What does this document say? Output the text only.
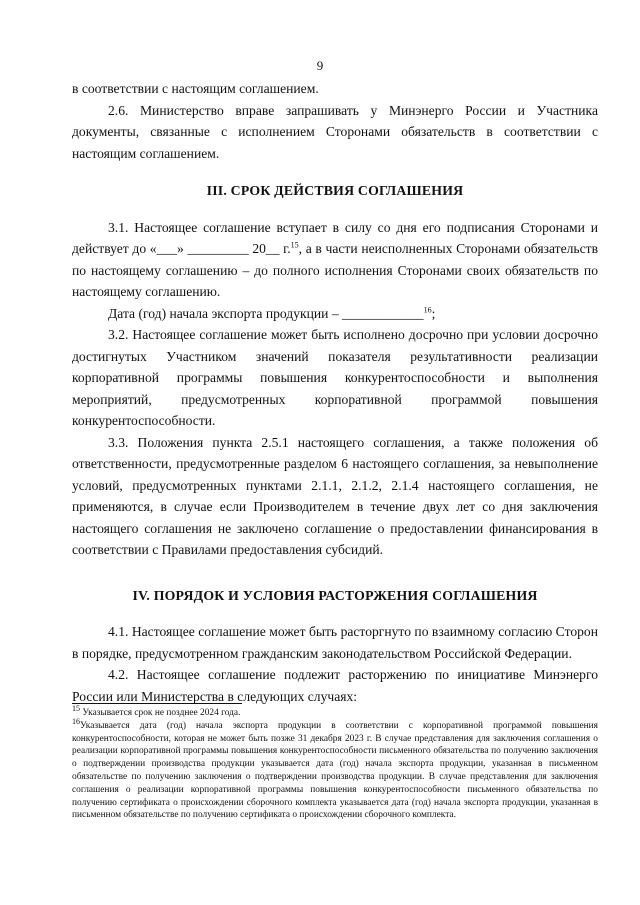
9

в соответствии с настоящим соглашением.

2.6. Министерство вправе запрашивать у Минэнерго России и Участника документы, связанные с исполнением Сторонами обязательств в соответствии с настоящим соглашением.

III. СРОК ДЕЙСТВИЯ СОГЛАШЕНИЯ

3.1. Настоящее соглашение вступает в силу со дня его подписания Сторонами и действует до «___» _________ 20__ г.$^{15}$, а в части неисполненных Сторонами обязательств по настоящему соглашению – до полного исполнения Сторонами своих обязательств по настоящему соглашению.

Дата (год) начала экспорта продукции – ____________$^{16}$;

3.2. Настоящее соглашение может быть исполнено досрочно при условии досрочно достигнутых Участником значений показателя результативности реализации корпоративной программы повышения конкурентоспособности и выполнения мероприятий, предусмотренных корпоративной программой повышения конкурентоспособности.

3.3. Положения пункта 2.5.1 настоящего соглашения, а также положения об ответственности, предусмотренные разделом 6 настоящего соглашения, за невыполнение условий, предусмотренных пунктами 2.1.1, 2.1.2, 2.1.4 настоящего соглашения, не применяются, в случае если Производителем в течение двух лет со дня заключения настоящего соглашения не заключено соглашение о предоставлении финансирования в соответствии с Правилами предоставления субсидий.

IV. ПОРЯДОК И УСЛОВИЯ РАСТОРЖЕНИЯ СОГЛАШЕНИЯ

4.1. Настоящее соглашение может быть расторгнуто по взаимному согласию Сторон в порядке, предусмотренном гражданским законодательством Российской Федерации.

4.2. Настоящее соглашение подлежит расторжению по инициативе Минэнерго России или Министерства в следующих случаях:

$^{15}$ Указывается срок не позднее 2024 года.

$^{16}$Указывается дата (год) начала экспорта продукции в соответствии с корпоративной программой повышения конкурентоспособности, которая не может быть позже 31 декабря 2023 г. В случае представления для заключения соглашения о реализации корпоративной программы повышения конкурентоспособности письменного обязательства по получению заключения о подтверждении производства продукции указывается дата (год) начала экспорта продукции, указанная в письменном обязательстве по получению заключения о подтверждении производства продукции. В случае представления для заключения соглашения о реализации корпоративной программы повышения конкурентоспособности письменного обязательства по получению сертификата о происхождении сборочного комплекта указывается дата (год) начала экспорта продукции, указанная в письменном обязательстве по получению сертификата о происхождении сборочного комплекта.
